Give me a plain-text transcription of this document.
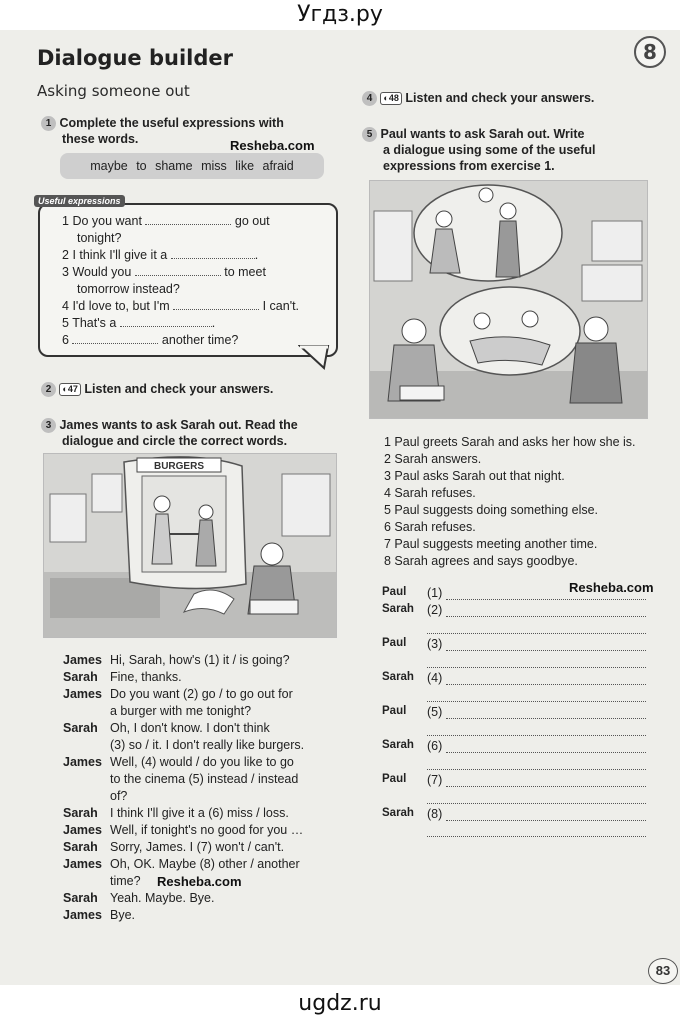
Угдз.ру
8
Dialogue builder
Asking someone out
1 Complete the useful expressions with
these words.	Resheba.com
maybe to shame miss like afraid
Useful expressions
1 Do you want	go out
tonight?
2 I think I'll give it a	.
3 Would you	to meet
tomorrow instead?
4 I'd love to, but I'm	I can't.
5 That's a	.
6	another time?
2 ◐47 Listen and check your answers.
3 James wants to ask Sarah out. Read the
dialogue and circle the correct words.
BURGERS
James Hi, Sarah, how's (1) it / is going?
Sarah Fine, thanks.
James Do you want (2) go / to go out for
a burger with me tonight?
Sarah Oh, I don't know. I don't think
(3) so / it. I don't really like burgers.
James Well, (4) would / do you like to go
to the cinema (5) instead / instead
of?
Sarah I think I'll give it a (6) miss / loss.
James Well, if tonight's no good for you …
Sarah Sorry, James. I (7) won't / can't.
James Oh, OK. Maybe (8) other / another
time?
Sarah Yeah. Maybe. Bye.
James Bye.
Resheba.com
4 ◐48 Listen and check your answers.
5 Paul wants to ask Sarah out. Write
a dialogue using some of the useful
expressions from exercise 1.
1 Paul greets Sarah and asks her how she is.
2 Sarah answers.
3 Paul asks Sarah out that night.
4 Sarah refuses.
5 Paul suggests doing something else.
6 Sarah refuses.
7 Paul suggests meeting another time.
8 Sarah agrees and says goodbye.
Resheba.com
Paul (1)
Sarah (2)
Paul (3)
Sarah (4)
Paul (5)
Sarah (6)
Paul (7)
Sarah (8)
83
ugdz.ru
